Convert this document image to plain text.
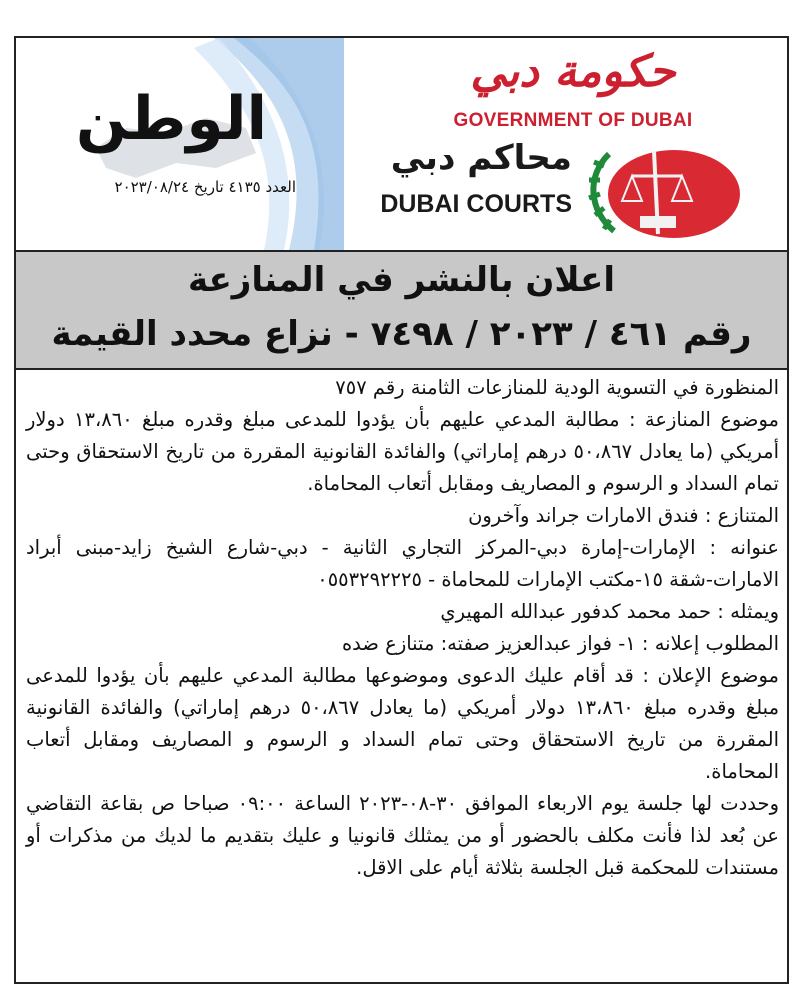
الوطن
العدد ٤١٣٥ تاريخ ٢٠٢٣/٠٨/٢٤
حكومة دبي
GOVERNMENT OF DUBAI
محاكم دبي
DUBAI COURTS
اعلان بالنشر في المنازعة
رقم ٤٦١ / ٢٠٢٣ / ٧٤٩٨ - نزاع محدد القيمة

المنظورة في التسوية الودية للمنازعات الثامنة رقم ٧٥٧

موضوع المنازعة : مطالبة المدعي عليهم بأن يؤدوا للمدعى مبلغ وقدره مبلغ ١٣،٨٦٠ دولار أمريكي (ما يعادل ٥٠،٨٦٧ درهم إماراتي) والفائدة القانونية المقررة من تاريخ الاستحقاق وحتى تمام السداد و الرسوم و المصاريف ومقابل أتعاب المحاماة.

المتنازع : فندق الامارات جراند وآخرون

عنوانه : الإمارات-إمارة دبي-المركز التجاري الثانية - دبي-شارع الشيخ زايد-مبنى أبراد الامارات-شقة ١٥-مكتب الإمارات للمحاماة - ٠٥٥٣٢٩٢٢٢٥

ويمثله : حمد محمد كدفور عبدالله المهيري

المطلوب إعلانه : ١- فواز عبدالعزيز صفته: متنازع ضده

موضوع الإعلان : قد أقام عليك الدعوى وموضوعها مطالبة المدعي عليهم بأن يؤدوا للمدعى مبلغ وقدره مبلغ ١٣،٨٦٠ دولار أمريكي (ما يعادل ٥٠،٨٦٧ درهم إماراتي) والفائدة القانونية المقررة من تاريخ الاستحقاق وحتى تمام السداد و الرسوم و المصاريف ومقابل أتعاب المحاماة.

وحددت لها جلسة يوم الاربعاء الموافق ٣٠-٠٨-٢٠٢٣ الساعة ٠٩:٠٠ صباحا ص بقاعة التقاضي عن بُعد لذا فأنت مكلف بالحضور أو من يمثلك قانونيا و عليك بتقديم ما لديك من مذكرات أو مستندات للمحكمة قبل الجلسة بثلاثة أيام على الاقل.
